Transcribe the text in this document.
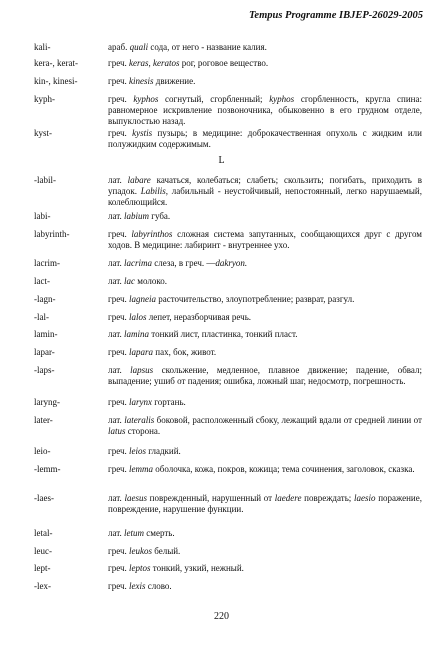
Tempus Programme IBJEP-26029-2005
kali-	араб. quali сода, от него - название калия.
kera-, kerat-	греч. keras, keratos рог, роговое вещество.
kin-, kinesi-	греч. kinesis движение.
kyph-	греч. kyphos согнутый, сгорбленный; kyphos сгорбленность, кругла спина: равномерное искривление позвоночника, обыковенно в его грудном отделе, выпуклостью назад.
kyst-	греч. kystis пузырь; в медицине: доброкачественная опухоль с жидким или полужидким содержимым.
-labil-	лат. labare качаться, колебаться; слабеть; скользить; погибать, приходить в упадок. Labilis, лабильный - неустойчивый, непостоянный, легко нарушаемый, колеблющийся.
labi-	лат. labium губа.
labyrinth-	греч. labyrinthos сложная система запутанных, сообщающихся друг с другом ходов. В медицине: лабиринт - внутреннее ухо.
lacrim-	лат. lacrima слеза, в греч. —dakryon.
lact-	лат. lac молоко.
-lagn-	греч. lagneia расточительство, злоупотребление; разврат, разгул.
-lal-	греч. lalos лепет, неразборчивая речь.
lamin-	лат. lamina тонкий лист, пластинка, тонкий пласт.
lapar-	греч. lapara пах, бок, живот.
-laps-	лат. lapsus скольжение, медленное, плавное движение; падение, обвал; выпадение; ушиб от падения; ошибка, ложный шаг, недосмотр, погрешность.
laryng-	греч. larynx гортань.
later-	лат. lateralis боковой, расположенный сбоку, лежащий вдали от средней линии от latus сторона.
leio-	греч. leios гладкий.
-lemm-	греч. lemma оболочка, кожа, покров, кожица; тема сочинения, заголовок, сказка.
-laes-	лат. laesus поврежденный, нарушенный от laedere повреждать; laesio поражение, повреждение, нарушение функции.
letal-	лат. letum смерть.
leuc-	греч. leukos белый.
lept-	греч. leptos тонкий, узкий, нежный.
-lex-	греч. lexis слово.
L
220
